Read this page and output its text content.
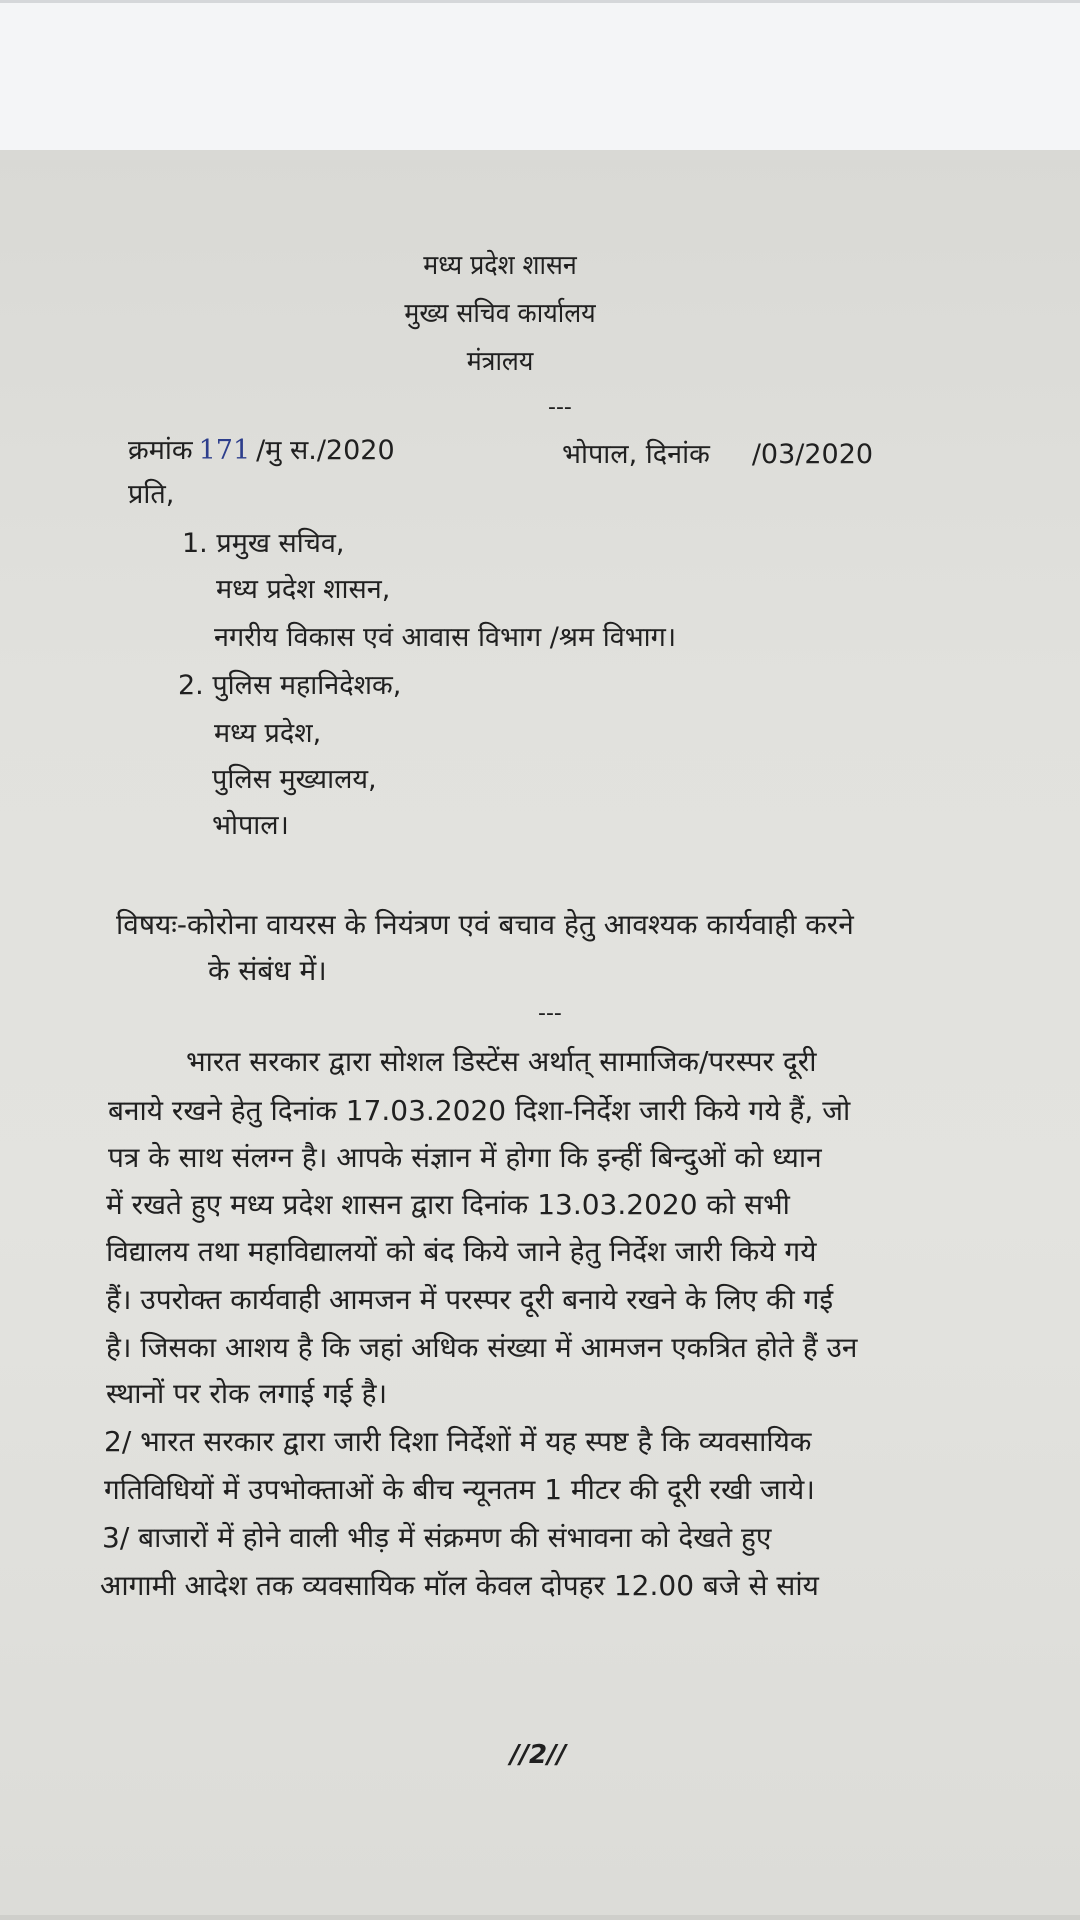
मध्य प्रदेश शासन
मुख्य सचिव कार्यालय
मंत्रालय
---
क्रमांक 171 /मु स./2020	भोपाल, दिनांक /03/2020
प्रति,
1. प्रमुख सचिव,
मध्य प्रदेश शासन,
नगरीय विकास एवं आवास विभाग /श्रम विभाग।
2. पुलिस महानिदेशक,
मध्य प्रदेश,
पुलिस मुख्यालय,
भोपाल।
विषयः-कोरोना वायरस के नियंत्रण एवं बचाव हेतु आवश्यक कार्यवाही करने
के संबंध में।
---
भारत सरकार द्वारा सोशल डिस्टेंस अर्थात् सामाजिक/परस्पर दूरी
बनाये रखने हेतु दिनांक 17.03.2020 दिशा-निर्देश जारी किये गये हैं, जो
पत्र के साथ संलग्न है। आपके संज्ञान में होगा कि इन्हीं बिन्दुओं को ध्यान
में रखते हुए मध्य प्रदेश शासन द्वारा दिनांक 13.03.2020 को सभी
विद्यालय तथा महाविद्यालयों को बंद किये जाने हेतु निर्देश जारी किये गये
हैं। उपरोक्त कार्यवाही आमजन में परस्पर दूरी बनाये रखने के लिए की गई
है। जिसका आशय है कि जहां अधिक संख्या में आमजन एकत्रित होते हैं उन
स्थानों पर रोक लगाई गई है।
2/ भारत सरकार द्वारा जारी दिशा निर्देशों में यह स्पष्ट है कि व्यवसायिक
गतिविधियों में उपभोक्ताओं के बीच न्यूनतम 1 मीटर की दूरी रखी जाये।
3/ बाजारों में होने वाली भीड़ में संक्रमण की संभावना को देखते हुए
आगामी आदेश तक व्यवसायिक मॉल केवल दोपहर 12.00 बजे से सांय
//2//
